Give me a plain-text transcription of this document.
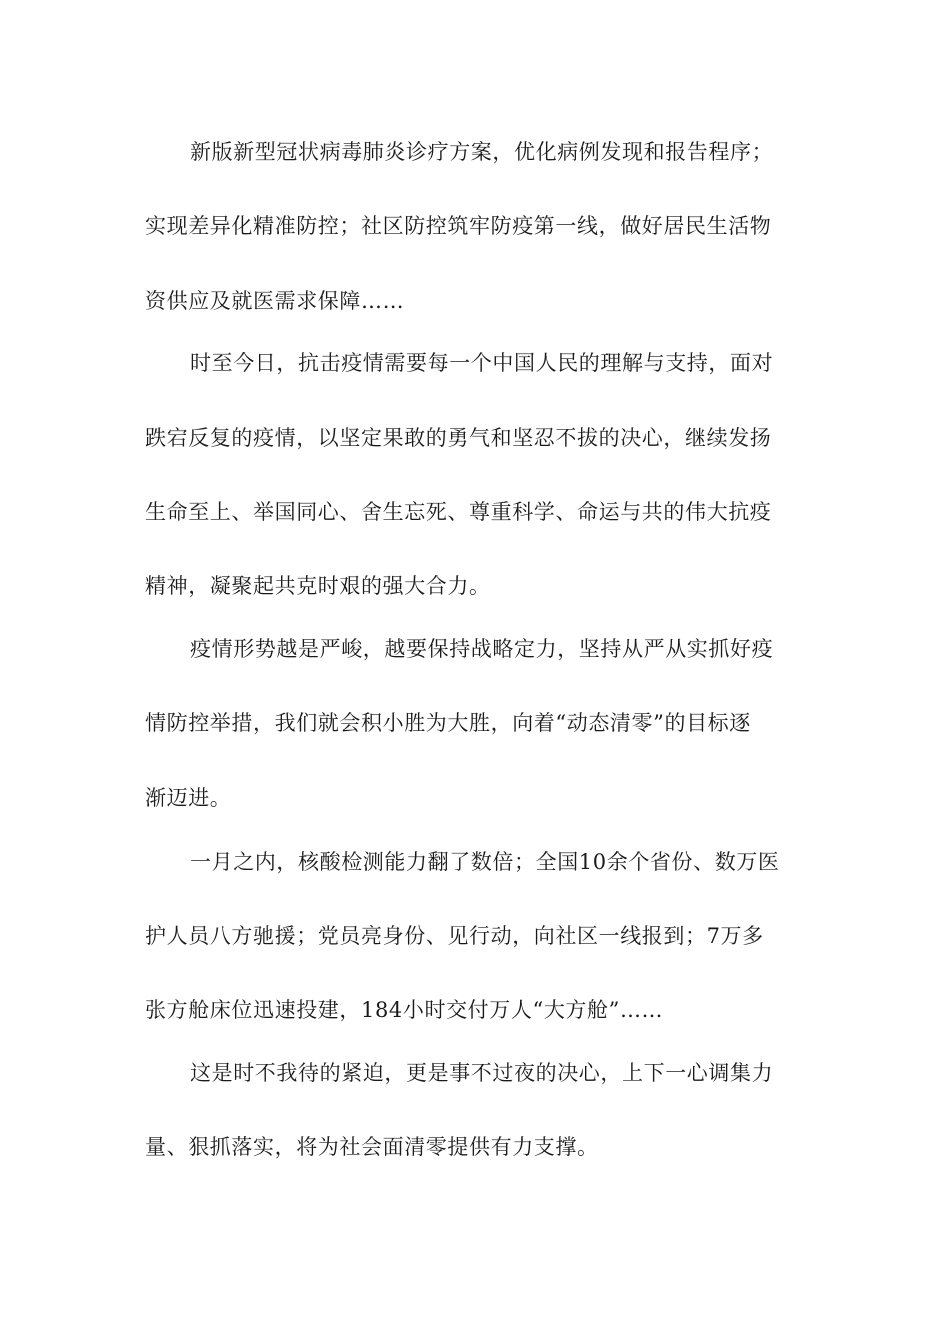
新版新型冠状病毒肺炎诊疗方案，优化病例发现和报告程序；
实现差异化精准防控；社区防控筑牢防疫第一线，做好居民生活物
资供应及就医需求保障……
时至今日，抗击疫情需要每一个中国人民的理解与支持，面对
跌宕反复的疫情，以坚定果敢的勇气和坚忍不拔的决心，继续发扬
生命至上、举国同心、舍生忘死、尊重科学、命运与共的伟大抗疫
精神，凝聚起共克时艰的强大合力。
疫情形势越是严峻，越要保持战略定力，坚持从严从实抓好疫
情防控举措，我们就会积小胜为大胜，向着“动态清零”的目标逐
渐迈进。
一月之内，核酸检测能力翻了数倍；全国10余个省份、数万医
护人员八方驰援；党员亮身份、见行动，向社区一线报到；7万多
张方舱床位迅速投建，184小时交付万人“大方舱”……
这是时不我待的紧迫，更是事不过夜的决心，上下一心调集力
量、狠抓落实，将为社会面清零提供有力支撑。
